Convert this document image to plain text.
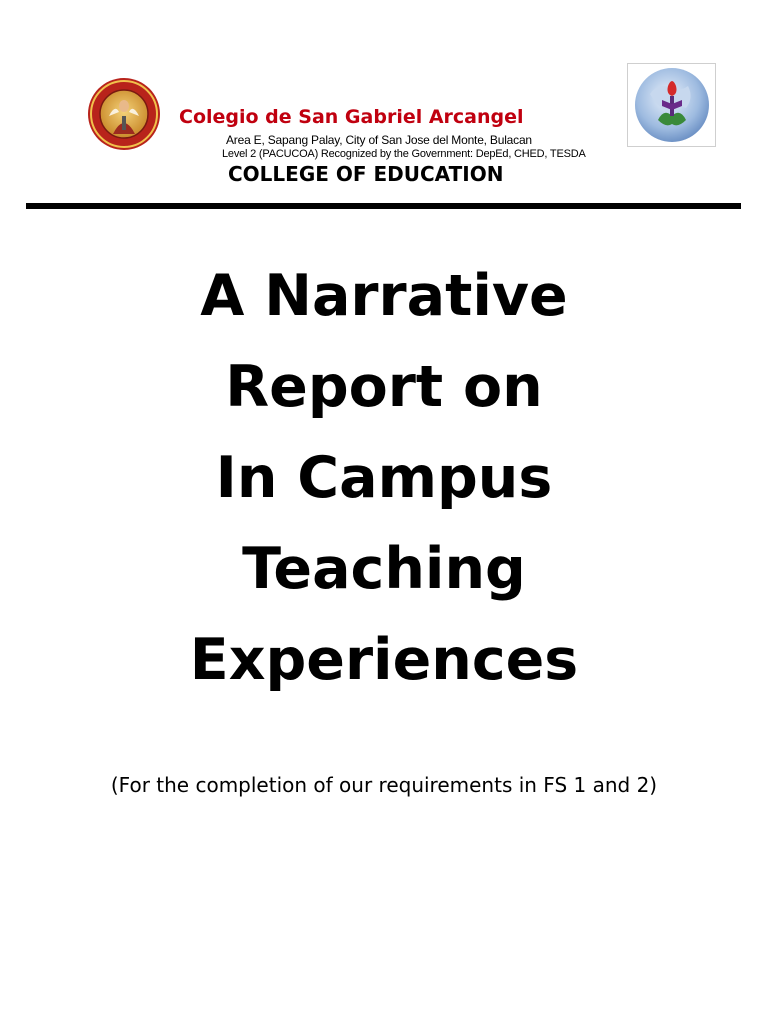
Colegio de San Gabriel Arcangel
Area E, Sapang Palay, City of San Jose del Monte, Bulacan
Level 2 (PACUCOA) Recognized by the Government: DepEd, CHED, TESDA
COLLEGE OF EDUCATION
A Narrative
Report on
In Campus
Teaching
Experiences
(For the completion of our requirements in FS 1 and 2)
